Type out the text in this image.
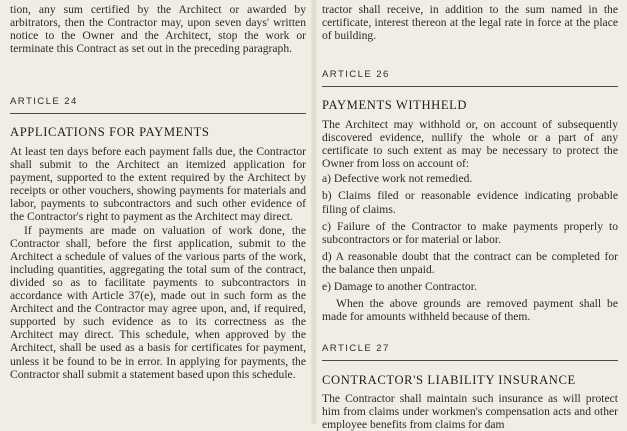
tion, any sum certified by the Architect or awarded by arbitrators, then the Contractor may, upon seven days' written notice to the Owner and the Architect, stop the work or terminate this Contract as set out in the preceding paragraph.

ARTICLE 24
APPLICATIONS FOR PAYMENTS

At least ten days before each payment falls due, the Contractor shall submit to the Architect an itemized application for payment, supported to the extent required by the Architect by receipts or other vouchers, showing payments for materials and labor, payments to subcontractors and such other evidence of the Contractor's right to payment as the Architect may direct.

If payments are made on valuation of work done, the Contractor shall, before the first application, submit to the Architect a schedule of values of the various parts of the work, including quantities, aggregating the total sum of the contract, divided so as to facilitate payments to subcontractors in accordance with Article 37(e), made out in such form as the Architect and the Contractor may agree upon, and, if required, supported by such evidence as to its correctness as the Architect may direct. This schedule, when approved by the Architect, shall be used as a basis for certificates for payment, unless it be found to be in error. In applying for payments, the Contractor shall submit a statement based upon this schedule.

tractor shall receive, in addition to the sum named in the certificate, interest thereon at the legal rate in force at the place of building.

ARTICLE 26
PAYMENTS WITHHELD

The Architect may withhold or, on account of subsequently discovered evidence, nullify the whole or a part of any certificate to such extent as may be necessary to protect the Owner from loss on account of:

a) Defective work not remedied.

b) Claims filed or reasonable evidence indicating probable filing of claims.

c) Failure of the Contractor to make payments properly to subcontractors or for material or labor.

d) A reasonable doubt that the contract can be completed for the balance then unpaid.

e) Damage to another Contractor.

When the above grounds are removed payment shall be made for amounts withheld because of them.

ARTICLE 27
CONTRACTOR'S LIABILITY INSURANCE

The Contractor shall maintain such insurance as will protect him from claims under workmen's compensation acts and other employee benefits from claims for dam
